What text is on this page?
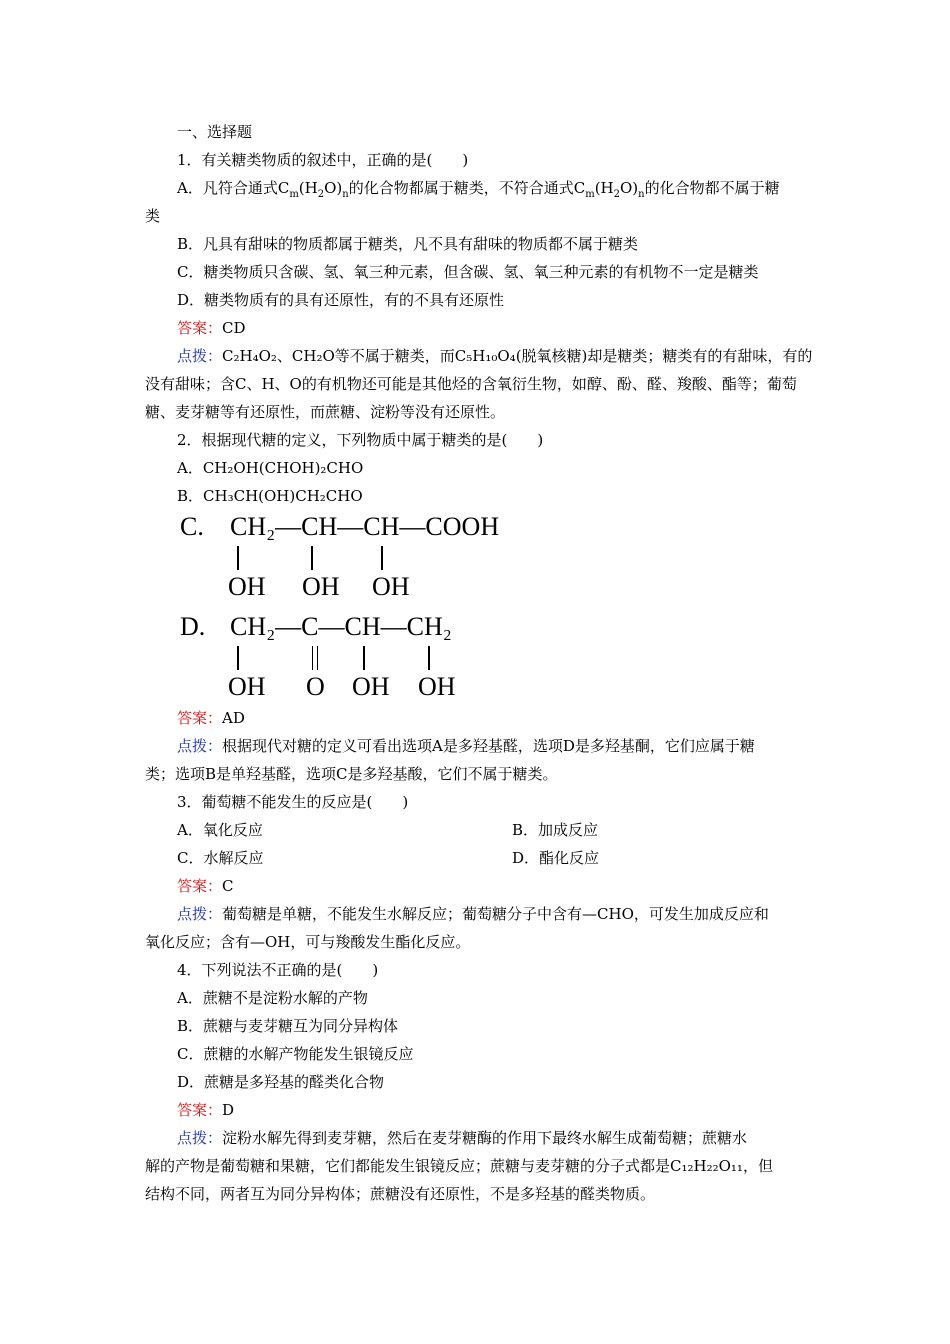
一、选择题
1．有关糖类物质的叙述中，正确的是(　　)
A．凡符合通式$C_m(H_2O)_n$的化合物都属于糖类，不符合通式$C_m(H_2O)_n$的化合物都不属于糖
类
B．凡具有甜味的物质都属于糖类，凡不具有甜味的物质都不属于糖类
C．糖类物质只含碳、氢、氧三种元素，但含碳、氢、氧三种元素的有机物不一定是糖类
D．糖类物质有的具有还原性，有的不具有还原性
答案：CD
点拨：C₂H₄O₂、CH₂O等不属于糖类，而C₅H₁₀O₄(脱氧核糖)却是糖类；糖类有的有甜味，有的
没有甜味；含C、H、O的有机物还可能是其他烃的含氧衍生物，如醇、酚、醛、羧酸、酯等；葡萄
糖、麦芽糖等有还原性，而蔗糖、淀粉等没有还原性。
2．根据现代糖的定义，下列物质中属于糖类的是(　　)
A．CH₂OH(CHOH)₂CHO
B．CH₃CH(OH)CH₂CHO
C. CH₂—CH—CH—COOH
OH OH OH
D. CH₂—C—CH—CH₂
OH O OH OH
答案：AD
点拨：根据现代对糖的定义可看出选项A是多羟基醛，选项D是多羟基酮，它们应属于糖
类；选项B是单羟基醛，选项C是多羟基酸，它们不属于糖类。
3．葡萄糖不能发生的反应是(　　)
A．氧化反应	B．加成反应
C．水解反应	D．酯化反应
答案：C
点拨：葡萄糖是单糖，不能发生水解反应；葡萄糖分子中含有—CHO，可发生加成反应和
氧化反应；含有—OH，可与羧酸发生酯化反应。
4．下列说法不正确的是(　　)
A．蔗糖不是淀粉水解的产物
B．蔗糖与麦芽糖互为同分异构体
C．蔗糖的水解产物能发生银镜反应
D．蔗糖是多羟基的醛类化合物
答案：D
点拨：淀粉水解先得到麦芽糖，然后在麦芽糖酶的作用下最终水解生成葡萄糖；蔗糖水
解的产物是葡萄糖和果糖，它们都能发生银镜反应；蔗糖与麦芽糖的分子式都是C₁₂H₂₂O₁₁，但
结构不同，两者互为同分异构体；蔗糖没有还原性，不是多羟基的醛类物质。
